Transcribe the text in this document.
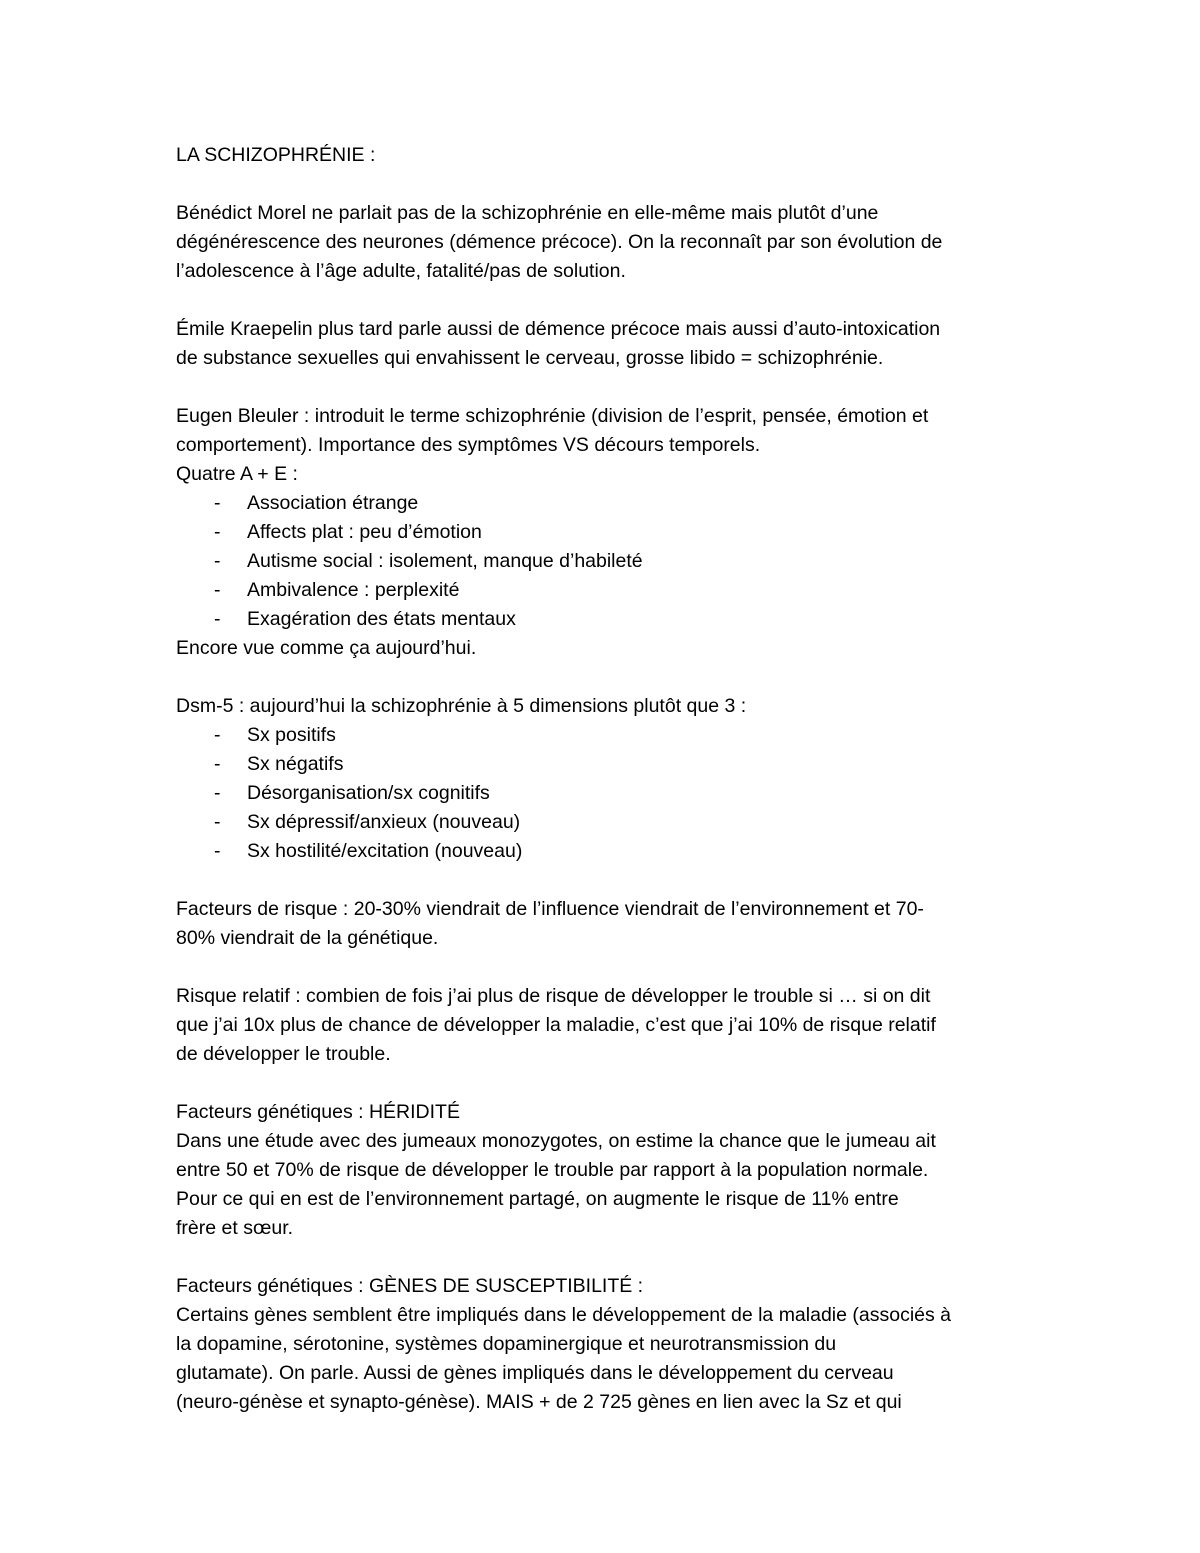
LA SCHIZOPHRÉNIE :
Bénédict Morel ne parlait pas de la schizophrénie en elle-même mais plutôt d’une
dégénérescence des neurones (démence précoce). On la reconnaît par son évolution de
l’adolescence à l’âge adulte, fatalité/pas de solution.
Émile Kraepelin plus tard parle aussi de démence précoce mais aussi d’auto-intoxication
de substance sexuelles qui envahissent le cerveau, grosse libido = schizophrénie.
Eugen Bleuler : introduit le terme schizophrénie (division de l’esprit, pensée, émotion et
comportement). Importance des symptômes VS décours temporels.
Quatre A + E :
- Association étrange
- Affects plat : peu d’émotion
- Autisme social : isolement, manque d’habileté
- Ambivalence : perplexité
- Exagération des états mentaux
Encore vue comme ça aujourd’hui.
Dsm-5 : aujourd’hui la schizophrénie à 5 dimensions plutôt que 3 :
- Sx positifs
- Sx négatifs
- Désorganisation/sx cognitifs
- Sx dépressif/anxieux (nouveau)
- Sx hostilité/excitation (nouveau)
Facteurs de risque : 20-30% viendrait de l’influence viendrait de l’environnement et 70-
80% viendrait de la génétique.
Risque relatif : combien de fois j’ai plus de risque de développer le trouble si … si on dit
que j’ai 10x plus de chance de développer la maladie, c’est que j’ai 10% de risque relatif
de développer le trouble.
Facteurs génétiques : HÉRIDITÉ
Dans une étude avec des jumeaux monozygotes, on estime la chance que le jumeau ait
entre 50 et 70% de risque de développer le trouble par rapport à la population normale.
Pour ce qui en est de l’environnement partagé, on augmente le risque de 11% entre
frère et sœur.
Facteurs génétiques : GÈNES DE SUSCEPTIBILITÉ :
Certains gènes semblent être impliqués dans le développement de la maladie (associés à
la dopamine, sérotonine, systèmes dopaminergique et neurotransmission du
glutamate). On parle. Aussi de gènes impliqués dans le développement du cerveau
(neuro-génèse et synapto-génèse). MAIS + de 2 725 gènes en lien avec la Sz et qui
